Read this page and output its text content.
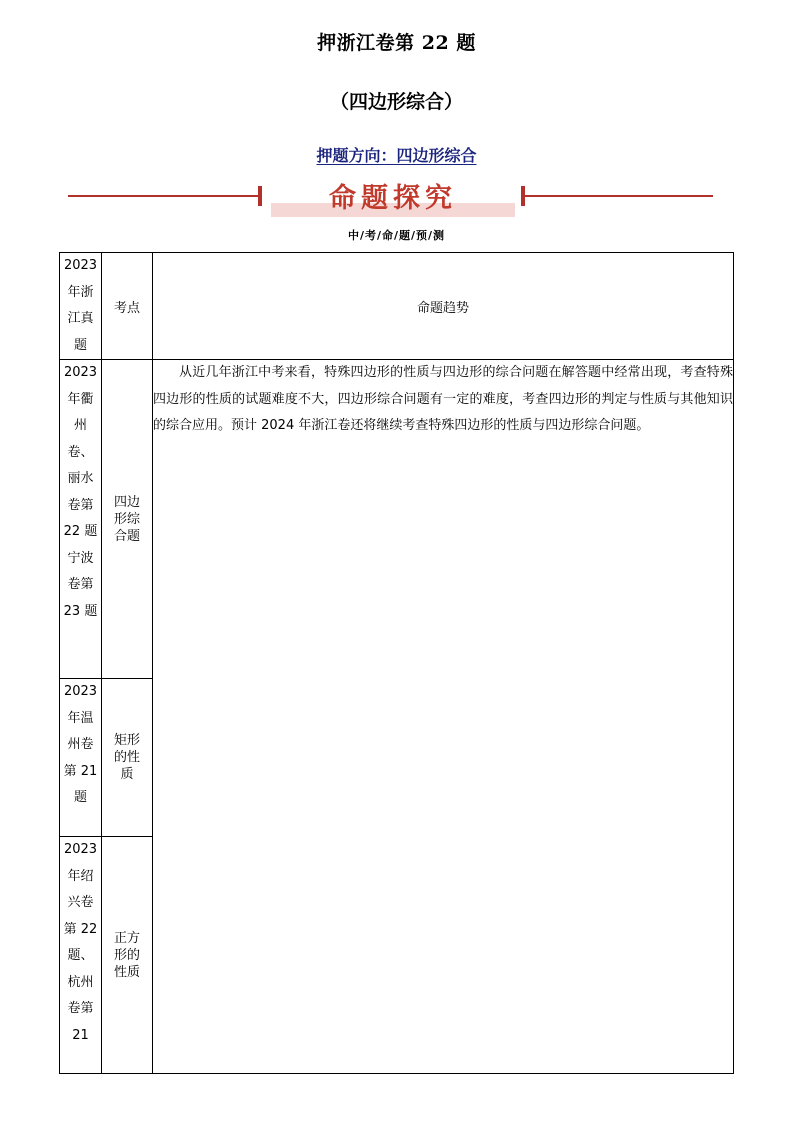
押浙江卷第 22 题
（四边形综合）
押题方向：四边形综合
命题探究
中/考/命/题/预/测
2023 年浙江真题	考点	命题趋势

2023 年衢州卷、丽水卷第 22 题宁波卷第 23 题	四边形综合题	从近几年浙江中考来看，特殊四边形的性质与四边形的综合问题在解答题中经常出现，考查特殊四边形的性质的试题难度不大，四边形综合问题有一定的难度，考查四边形的判定与性质与其他知识的综合应用。预计 2024 年浙江卷还将继续考查特殊四边形的性质与四边形综合问题。

2023 年温州卷第 21 题	矩形的性质	

2023 年绍兴卷第 22 题、杭州卷第 21	正方形的性质	
